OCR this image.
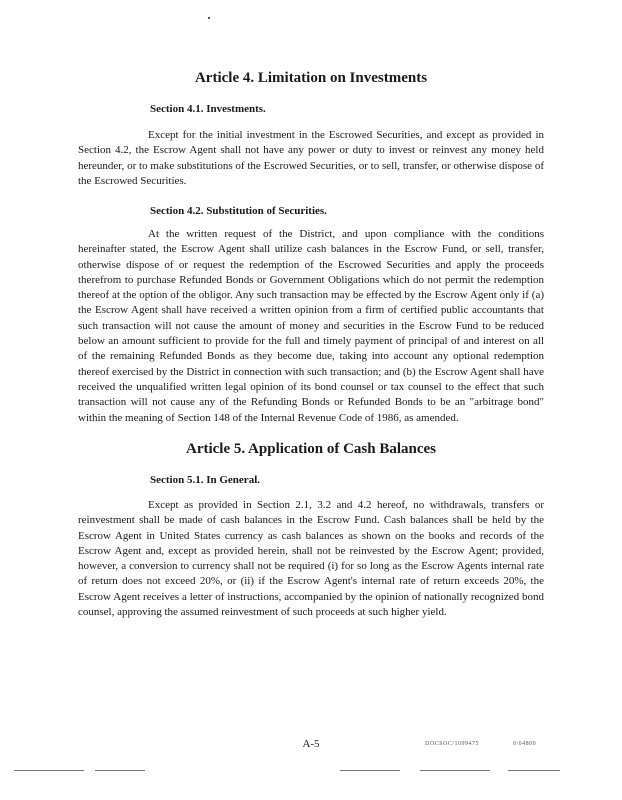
Article 4. Limitation on Investments
Section 4.1. Investments.

Except for the initial investment in the Escrowed Securities, and except as provided in Section 4.2, the Escrow Agent shall not have any power or duty to invest or reinvest any money held hereunder, or to make substitutions of the Escrowed Securities, or to sell, transfer, or otherwise dispose of the Escrowed Securities.

Section 4.2. Substitution of Securities.

At the written request of the District, and upon compliance with the conditions hereinafter stated, the Escrow Agent shall utilize cash balances in the Escrow Fund, or sell, transfer, otherwise dispose of or request the redemption of the Escrowed Securities and apply the proceeds therefrom to purchase Refunded Bonds or Government Obligations which do not permit the redemption thereof at the option of the obligor. Any such transaction may be effected by the Escrow Agent only if (a) the Escrow Agent shall have received a written opinion from a firm of certified public accountants that such transaction will not cause the amount of money and securities in the Escrow Fund to be reduced below an amount sufficient to provide for the full and timely payment of principal of and interest on all of the remaining Refunded Bonds as they become due, taking into account any optional redemption thereof exercised by the District in connection with such transaction; and (b) the Escrow Agent shall have received the unqualified written legal opinion of its bond counsel or tax counsel to the effect that such transaction will not cause any of the Refunding Bonds or Refunded Bonds to be an "arbitrage bond" within the meaning of Section 148 of the Internal Revenue Code of 1986, as amended.

Article 5. Application of Cash Balances
Section 5.1. In General.

Except as provided in Section 2.1, 3.2 and 4.2 hereof, no withdrawals, transfers or reinvestment shall be made of cash balances in the Escrow Fund. Cash balances shall be held by the Escrow Agent in United States currency as cash balances as shown on the books and records of the Escrow Agent and, except as provided herein, shall not be reinvested by the Escrow Agent; provided, however, a conversion to currency shall not be required (i) for so long as the Escrow Agents internal rate of return does not exceed 20%, or (ii) if the Escrow Agent's internal rate of return exceeds 20%, the Escrow Agent receives a letter of instructions, accompanied by the opinion of nationally recognized bond counsel, approving the assumed reinvestment of such proceeds at such higher yield.

A-5	DOCSOC/1099475	0/04800
